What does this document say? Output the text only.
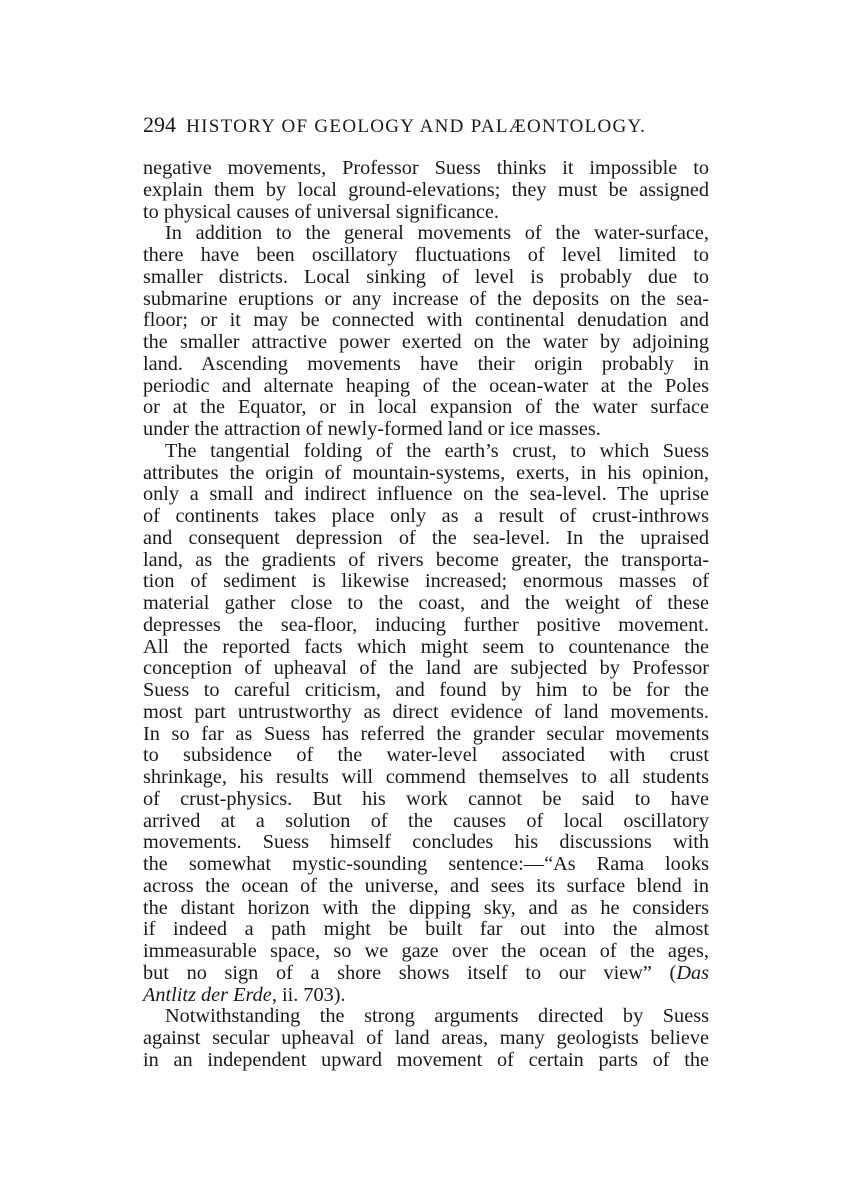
294 HISTORY OF GEOLOGY AND PALÆONTOLOGY.
negative movements, Professor Suess thinks it impossible to
explain them by local ground-elevations; they must be assigned
to physical causes of universal significance.
In addition to the general movements of the water-surface,
there have been oscillatory fluctuations of level limited to
smaller districts. Local sinking of level is probably due to
submarine eruptions or any increase of the deposits on the sea-
floor; or it may be connected with continental denudation and
the smaller attractive power exerted on the water by adjoining
land. Ascending movements have their origin probably in
periodic and alternate heaping of the ocean-water at the Poles
or at the Equator, or in local expansion of the water surface
under the attraction of newly-formed land or ice masses.
The tangential folding of the earth’s crust, to which Suess
attributes the origin of mountain-systems, exerts, in his opinion,
only a small and indirect influence on the sea-level. The uprise
of continents takes place only as a result of crust-inthrows
and consequent depression of the sea-level. In the upraised
land, as the gradients of rivers become greater, the transporta-
tion of sediment is likewise increased; enormous masses of
material gather close to the coast, and the weight of these
depresses the sea-floor, inducing further positive movement.
All the reported facts which might seem to countenance the
conception of upheaval of the land are subjected by Professor
Suess to careful criticism, and found by him to be for the
most part untrustworthy as direct evidence of land movements.
In so far as Suess has referred the grander secular movements
to subsidence of the water-level associated with crust
shrinkage, his results will commend themselves to all students
of crust-physics. But his work cannot be said to have
arrived at a solution of the causes of local oscillatory
movements. Suess himself concludes his discussions with
the somewhat mystic-sounding sentence:—“As Rama looks
across the ocean of the universe, and sees its surface blend in
the distant horizon with the dipping sky, and as he considers
if indeed a path might be built far out into the almost
immeasurable space, so we gaze over the ocean of the ages,
but no sign of a shore shows itself to our view” (Das
Antlitz der Erde, ii. 703).
Notwithstanding the strong arguments directed by Suess
against secular upheaval of land areas, many geologists believe
in an independent upward movement of certain parts of the
